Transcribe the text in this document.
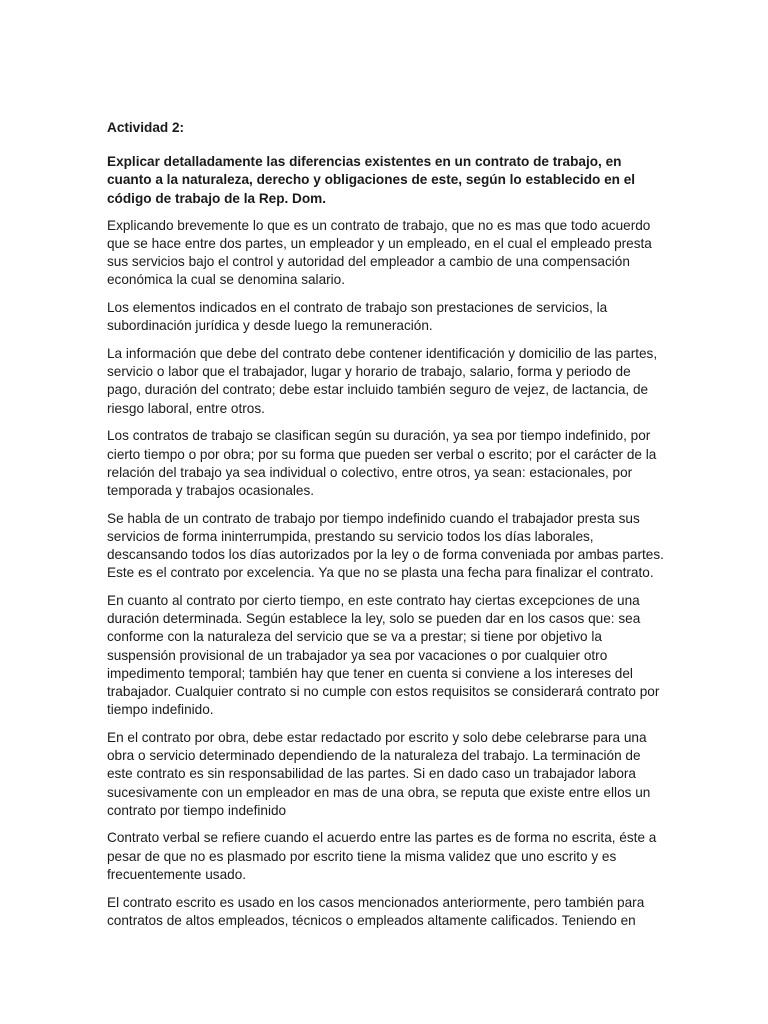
Actividad 2:

Explicar detalladamente las diferencias existentes en un contrato de trabajo, en cuanto a la naturaleza, derecho y obligaciones de este, según lo establecido en el código de trabajo de la Rep. Dom.

Explicando brevemente lo que es un contrato de trabajo, que no es mas que todo acuerdo que se hace entre dos partes, un empleador y un empleado, en el cual el empleado presta sus servicios bajo el control y autoridad del empleador a cambio de una compensación económica la cual se denomina salario.

Los elementos indicados en el contrato de trabajo son prestaciones de servicios, la subordinación jurídica y desde luego la remuneración.

La información que debe del contrato debe contener identificación y domicilio de las partes, servicio o labor que el trabajador, lugar y horario de trabajo, salario, forma y periodo de pago, duración del contrato; debe estar incluido también seguro de vejez, de lactancia, de riesgo laboral, entre otros.

Los contratos de trabajo se clasifican según su duración, ya sea por tiempo indefinido, por cierto tiempo o por obra; por su forma que pueden ser verbal o escrito; por el carácter de la relación del trabajo ya sea individual o colectivo, entre otros, ya sean: estacionales, por temporada y trabajos ocasionales.

Se habla de un contrato de trabajo por tiempo indefinido cuando el trabajador presta sus servicios de forma ininterrumpida, prestando su servicio todos los días laborales, descansando todos los días autorizados por la ley o de forma conveniada por ambas partes. Este es el contrato por excelencia. Ya que no se plasta una fecha para finalizar el contrato.

En cuanto al contrato por cierto tiempo, en este contrato hay ciertas excepciones de una duración determinada. Según establece la ley, solo se pueden dar en los casos que: sea conforme con la naturaleza del servicio que se va a prestar; si tiene por objetivo la suspensión provisional de un trabajador ya sea por vacaciones o por cualquier otro impedimento temporal; también hay que tener en cuenta si conviene a los intereses del trabajador. Cualquier contrato si no cumple con estos requisitos se considerará contrato por tiempo indefinido.

En el contrato por obra, debe estar redactado por escrito y solo debe celebrarse para una obra o servicio determinado dependiendo de la naturaleza del trabajo. La terminación de este contrato es sin responsabilidad de las partes. Si en dado caso un trabajador labora sucesivamente con un empleador en mas de una obra, se reputa que existe entre ellos un contrato por tiempo indefinido

Contrato verbal se refiere cuando el acuerdo entre las partes es de forma no escrita, éste a pesar de que no es plasmado por escrito tiene la misma validez que uno escrito y es frecuentemente usado.

El contrato escrito es usado en los casos mencionados anteriormente, pero también para contratos de altos empleados, técnicos o empleados altamente calificados. Teniendo en
